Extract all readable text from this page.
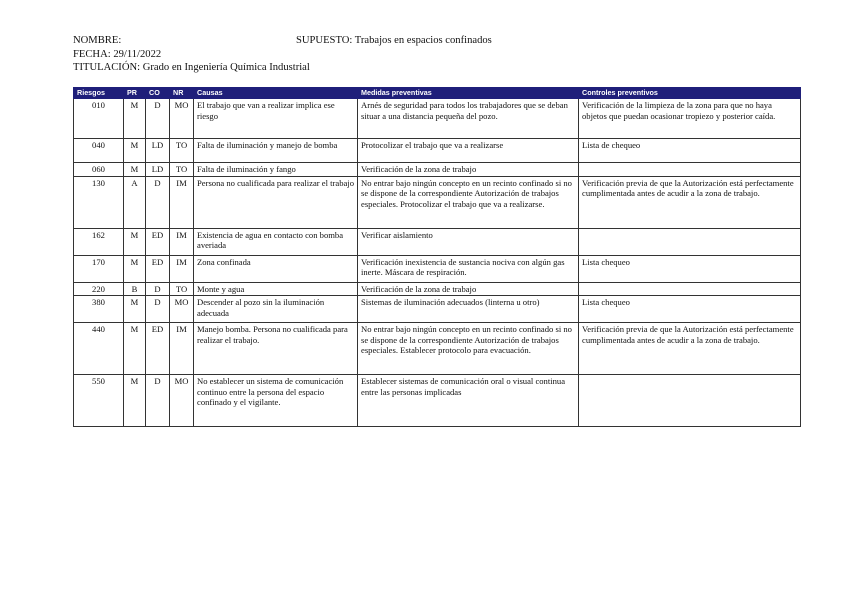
NOMBRE:
FECHA: 29/11/2022
TITULACIÓN: Grado en Ingeniería Química Industrial
SUPUESTO: Trabajos en espacios confinados
Riesgos	PR	CO	NR	Causas	Medidas preventivas	Controles preventivos
010	M	D	MO	El trabajo que van a realizar implica ese riesgo	Arnés de seguridad para todos los trabajadores que se deban situar a una distancia pequeña del pozo.	Verificación de la limpieza de la zona para que no haya objetos que puedan ocasionar tropiezo y posterior caída.
040	M	LD	TO	Falta de iluminación y manejo de bomba	Protocolizar el trabajo que va a realizarse	Lista de chequeo
060	M	LD	TO	Falta de iluminación y fango	Verificación de la zona de trabajo	
130	A	D	IM	Persona no cualificada para realizar el trabajo	No entrar bajo ningún concepto en un recinto confinado si no se dispone de la correspondiente Autorización de trabajos especiales. Protocolizar el trabajo que va a realizarse.	Verificación previa de que la Autorización está perfectamente cumplimentada antes de acudir a la zona de trabajo.
162	M	ED	IM	Existencia de agua en contacto con bomba averiada	Verificar aislamiento	
170	M	ED	IM	Zona confinada	Verificación inexistencia de sustancia nociva con algún gas inerte. Máscara de respiración.	Lista chequeo
220	B	D	TO	Monte y agua	Verificación de la zona de trabajo	
380	M	D	MO	Descender al pozo sin la iluminación adecuada	Sistemas de iluminación adecuados (linterna u otro)	Lista chequeo
440	M	ED	IM	Manejo bomba. Persona no cualificada para realizar el trabajo.	No entrar bajo ningún concepto en un recinto confinado si no se dispone de la correspondiente Autorización de trabajos especiales. Establecer protocolo para evacuación.	Verificación previa de que la Autorización está perfectamente cumplimentada antes de acudir a la zona de trabajo.
550	M	D	MO	No establecer un sistema de comunicación continuo entre la persona del espacio confinado y el vigilante.	Establecer sistemas de comunicación oral o visual continua entre las personas implicadas	
